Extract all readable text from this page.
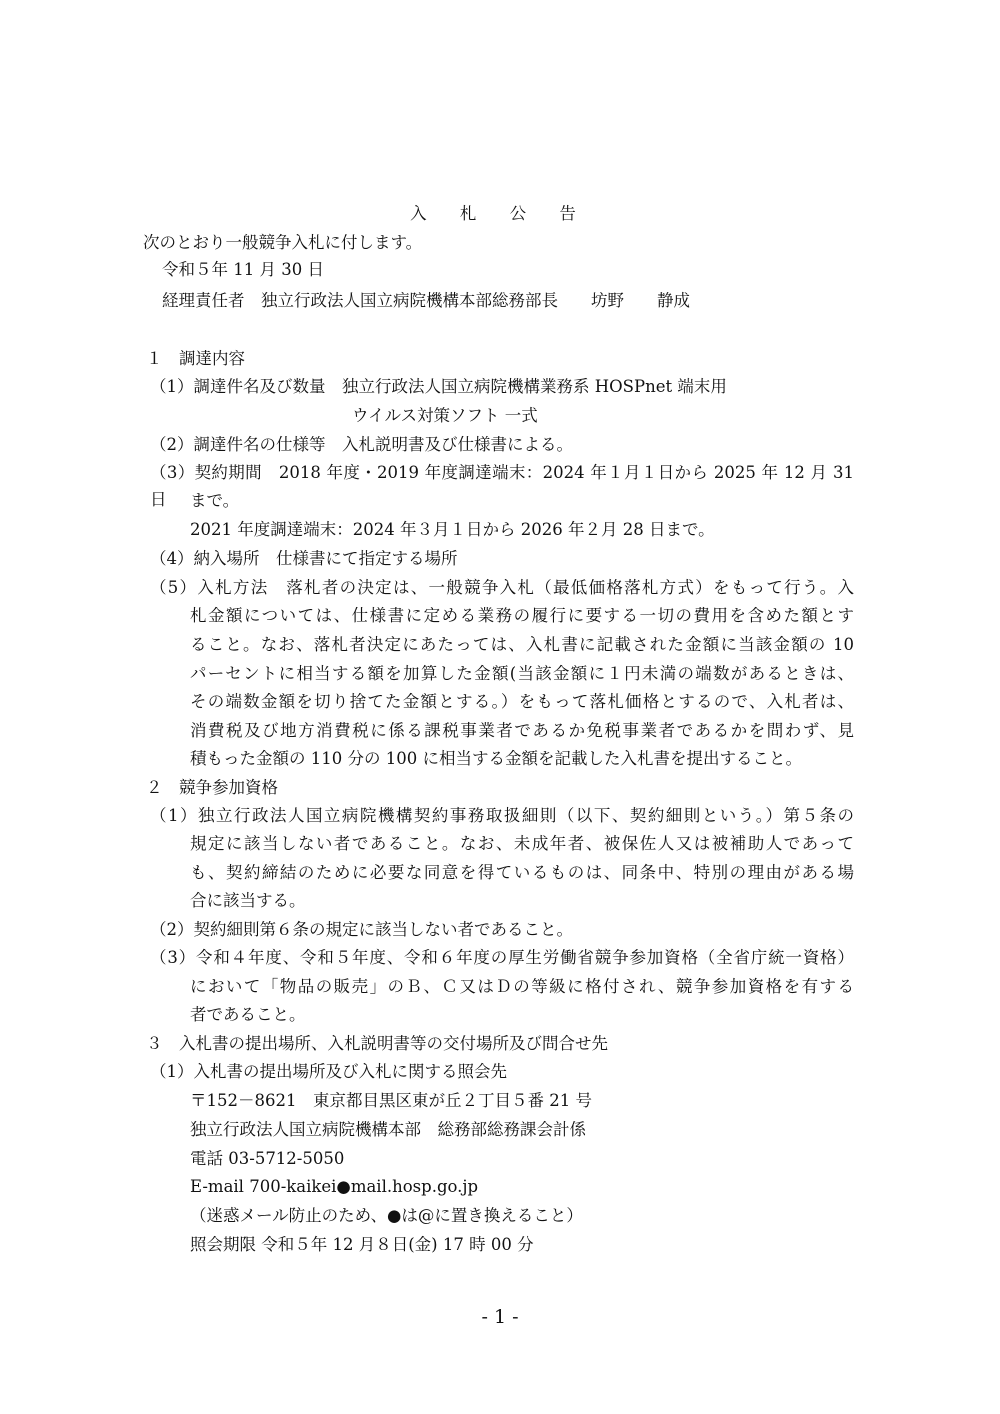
入 札 公 告
次のとおり一般競争入札に付します。
令和５年 11 月 30 日
経理責任者　独立行政法人国立病院機構本部総務部長　　坊野　　静成
１　調達内容
（1）調達件名及び数量　独立行政法人国立病院機構業務系 HOSPnet 端末用
ウイルス対策ソフト 一式
（2）調達件名の仕様等　入札説明書及び仕様書による。
（3）契約期間　2018 年度・2019 年度調達端末：2024 年１月１日から 2025 年 12 月 31 日	まで。
2021 年度調達端末：2024 年３月１日から 2026 年２月 28 日まで。
（4）納入場所　仕様書にて指定する場所
（5）入札方法　落札者の決定は、一般競争入札（最低価格落札方式）をもって行う。入
札金額については、仕様書に定める業務の履行に要する一切の費用を含めた額とす
ること。なお、落札者決定にあたっては、入札書に記載された金額に当該金額の 10
パーセントに相当する額を加算した金額(当該金額に１円未満の端数があるときは、
その端数金額を切り捨てた金額とする。）をもって落札価格とするので、入札者は、
消費税及び地方消費税に係る課税事業者であるか免税事業者であるかを問わず、見
積もった金額の 110 分の 100 に相当する金額を記載した入札書を提出すること。
２　競争参加資格
（1）独立行政法人国立病院機構契約事務取扱細則（以下、契約細則という。）第５条の
規定に該当しない者であること。なお、未成年者、被保佐人又は被補助人であって
も、契約締結のために必要な同意を得ているものは、同条中、特別の理由がある場
合に該当する。
（2）契約細則第６条の規定に該当しない者であること。
（3）令和４年度、令和５年度、令和６年度の厚生労働省競争参加資格（全省庁統一資格）
において「物品の販売」のＢ、Ｃ又はＤの等級に格付され、競争参加資格を有する
者であること。
３　入札書の提出場所、入札説明書等の交付場所及び問合せ先
（1）入札書の提出場所及び入札に関する照会先
〒152－8621　東京都目黒区東が丘２丁目５番 21 号
独立行政法人国立病院機構本部　総務部総務課会計係
電話 03-5712-5050
E-mail 700-kaikei●mail.hosp.go.jp
（迷惑メール防止のため、●は@に置き換えること）
照会期限 令和５年 12 月８日(金) 17 時 00 分
- 1 -
